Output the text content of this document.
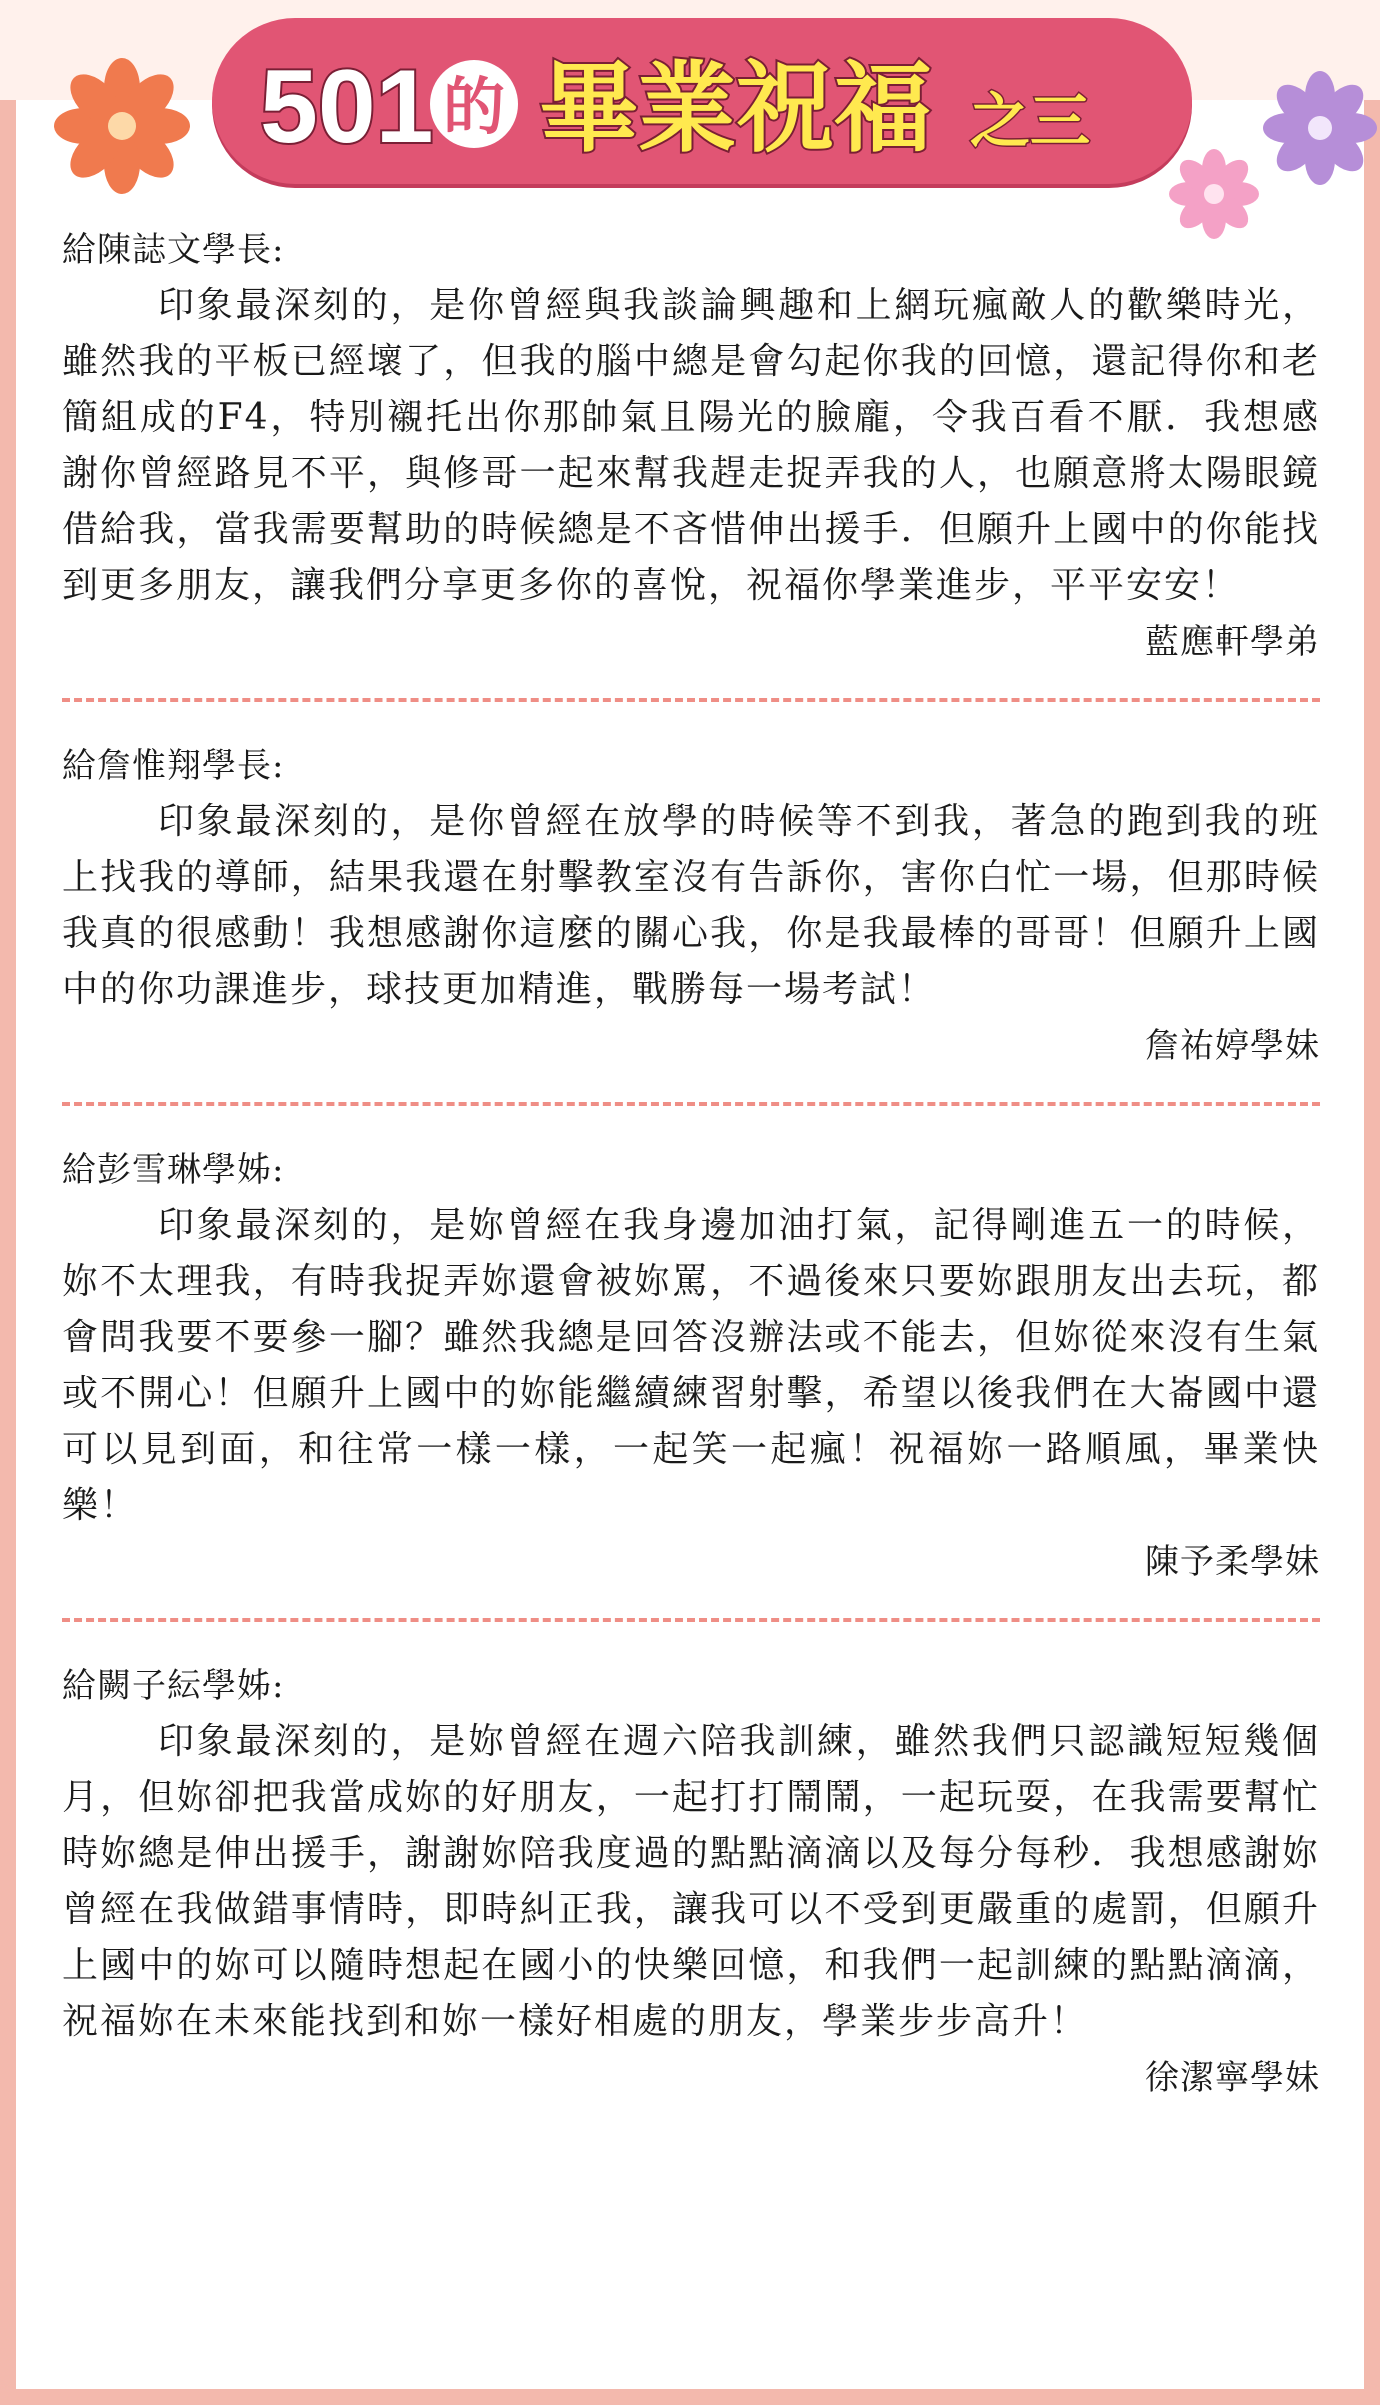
501 的 畢業祝福 之三

給陳誌文學長:

印象最深刻的，是你曾經與我談論興趣和上網玩瘋敵人的歡樂時光，雖然我的平板已經壞了，但我的腦中總是會勾起你我的回憶，還記得你和老簡組成的F4，特別襯托出你那帥氣且陽光的臉龐，令我百看不厭．我想感謝你曾經路見不平，與修哥一起來幫我趕走捉弄我的人，也願意將太陽眼鏡借給我，當我需要幫助的時候總是不吝惜伸出援手．但願升上國中的你能找到更多朋友，讓我們分享更多你的喜悅，祝福你學業進步，平平安安！

藍應軒學弟

給詹惟翔學長:

印象最深刻的，是你曾經在放學的時候等不到我，著急的跑到我的班上找我的導師，結果我還在射擊教室沒有告訴你，害你白忙一場，但那時候我真的很感動！我想感謝你這麼的關心我，你是我最棒的哥哥！但願升上國中的你功課進步，球技更加精進，戰勝每一場考試！

詹祐婷學妹

給彭雪琳學姊:

印象最深刻的，是妳曾經在我身邊加油打氣，記得剛進五一的時候，妳不太理我，有時我捉弄妳還會被妳罵，不過後來只要妳跟朋友出去玩，都會問我要不要參一腳？雖然我總是回答沒辦法或不能去，但妳從來沒有生氣或不開心！但願升上國中的妳能繼續練習射擊，希望以後我們在大崙國中還可以見到面，和往常一樣一樣，一起笑一起瘋！祝福妳一路順風，畢業快樂！

陳予柔學妹

給闕子紜學姊:

印象最深刻的，是妳曾經在週六陪我訓練，雖然我們只認識短短幾個月，但妳卻把我當成妳的好朋友，一起打打鬧鬧，一起玩耍，在我需要幫忙時妳總是伸出援手，謝謝妳陪我度過的點點滴滴以及每分每秒．我想感謝妳曾經在我做錯事情時，即時糾正我，讓我可以不受到更嚴重的處罰，但願升上國中的妳可以隨時想起在國小的快樂回憶，和我們一起訓練的點點滴滴，祝福妳在未來能找到和妳一樣好相處的朋友，學業步步高升！

徐潔寧學妹
